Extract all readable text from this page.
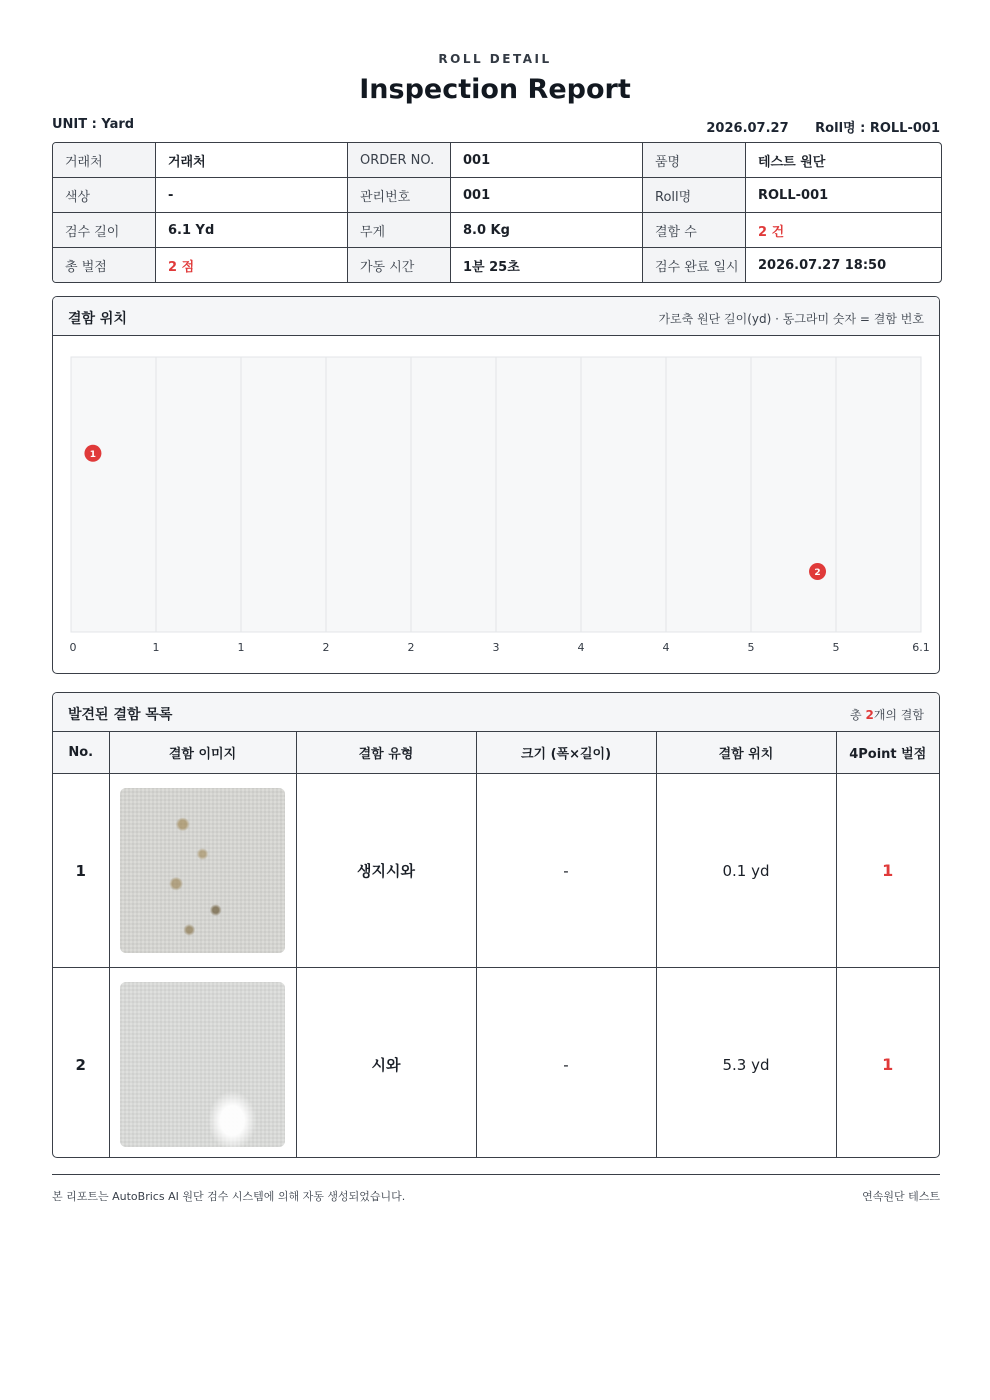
ROLL DETAIL
Inspection Report
UNIT : Yard	2026.07.27 Roll명 : ROLL-001
거래처	거래처	ORDER NO.	001	품명	테스트 원단
색상	-	관리번호	001	Roll명	ROLL-001
검수 길이	6.1 Yd	무게	8.0 Kg	결함 수	2 건
총 벌점	2 점	가동 시간	1분 25초	검수 완료 일시	2026.07.27 18:50
결함 위치	가로축 원단 길이(yd) · 동그라미 숫자 = 결함 번호
0	1	1	2	2	3	4	4	5	5	6.1
1
2
발견된 결함 목록	총 2개의 결함
No.	결함 이미지	결함 유형	크기 (폭×길이)	결함 위치	4Point 벌점
1		생지시와	-	0.1 yd	1
2		시와	-	5.3 yd	1
본 리포트는 AutoBrics AI 원단 검수 시스템에 의해 자동 생성되었습니다.	연속원단 테스트
